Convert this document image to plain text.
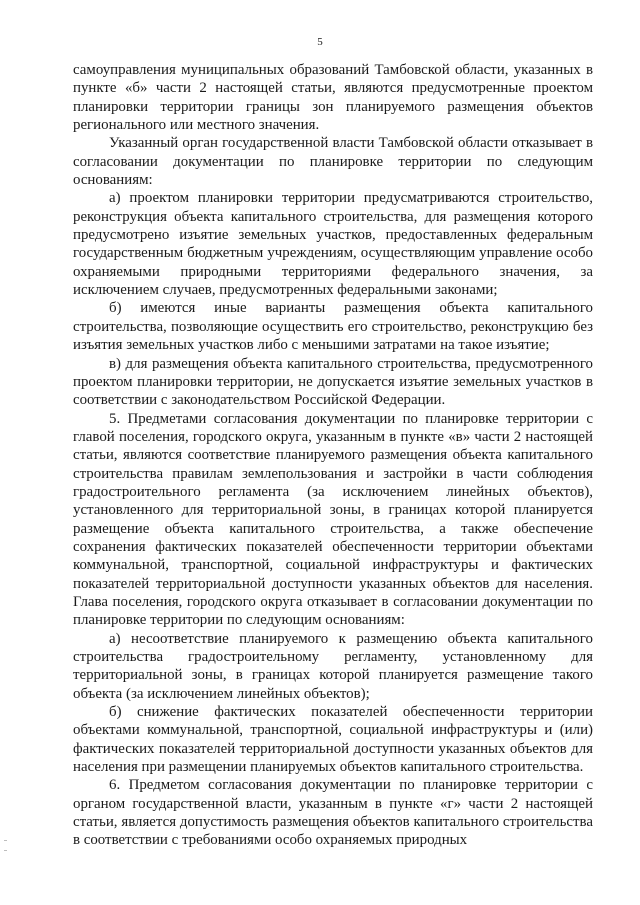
5

самоуправления муниципальных образований Тамбовской области, указанных в пункте «б» части 2 настоящей статьи, являются предусмотренные проектом планировки территории границы зон планируемого размещения объектов регионального или местного значения.

Указанный орган государственной власти Тамбовской области отказывает в согласовании документации по планировке территории по следующим основаниям:

а) проектом планировки территории предусматриваются строительство, реконструкция объекта капитального строительства, для размещения которого предусмотрено изъятие земельных участков, предоставленных федеральным государственным бюджетным учреждениям, осуществляющим управление особо охраняемыми природными территориями федерального значения, за исключением случаев, предусмотренных федеральными законами;

б) имеются иные варианты размещения объекта капитального строительства, позволяющие осуществить его строительство, реконструкцию без изъятия земельных участков либо с меньшими затратами на такое изъятие;

в) для размещения объекта капитального строительства, предусмотренного проектом планировки территории, не допускается изъятие земельных участков в соответствии с законодательством Российской Федерации.

5. Предметами согласования документации по планировке территории с главой поселения, городского округа, указанным в пункте «в» части 2 настоящей статьи, являются соответствие планируемого размещения объекта капитального строительства правилам землепользования и застройки в части соблюдения градостроительного регламента (за исключением линейных объектов), установленного для территориальной зоны, в границах которой планируется размещение объекта капитального строительства, а также обеспечение сохранения фактических показателей обеспеченности территории объектами коммунальной, транспортной, социальной инфраструктуры и фактических показателей территориальной доступности указанных объектов для населения. Глава поселения, городского округа отказывает в согласовании документации по планировке территории по следующим основаниям:

а) несоответствие планируемого к размещению объекта капитального строительства градостроительному регламенту, установленному для территориальной зоны, в границах которой планируется размещение такого объекта (за исключением линейных объектов);

б) снижение фактических показателей обеспеченности территории объектами коммунальной, транспортной, социальной инфраструктуры и (или) фактических показателей территориальной доступности указанных объектов для населения при размещении планируемых объектов капитального строительства.

6. Предметом согласования документации по планировке территории с органом государственной власти, указанным в пункте «г» части 2 настоящей статьи, является допустимость размещения объектов капитального строительства в соответствии с требованиями особо охраняемых природных
